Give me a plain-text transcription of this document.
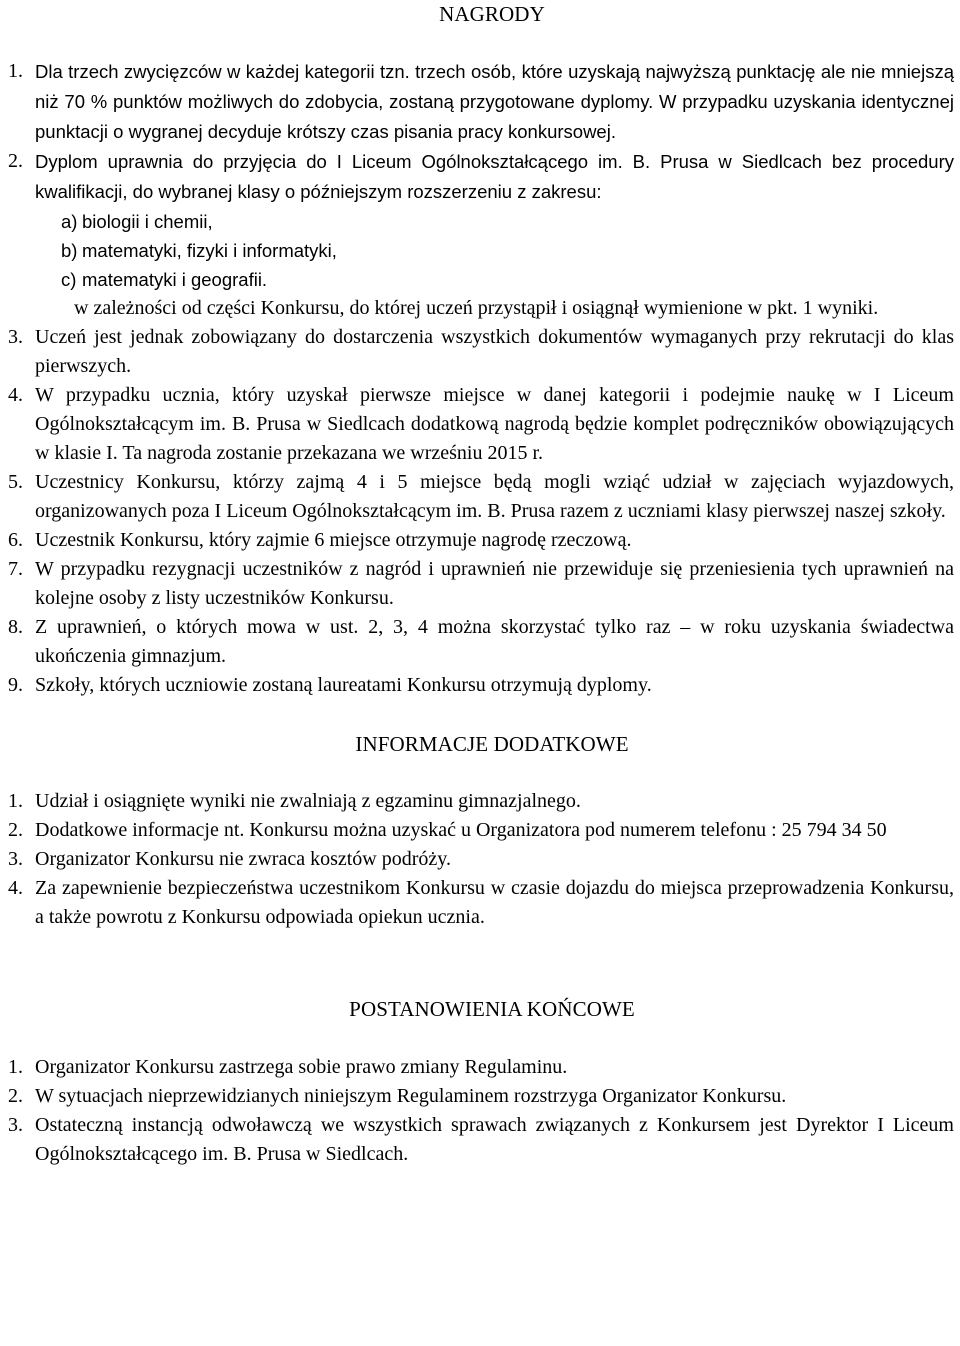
NAGRODY
1. Dla trzech zwycięzców w każdej kategorii tzn. trzech osób, które uzyskają najwyższą punktację ale nie mniejszą niż 70 % punktów możliwych do zdobycia, zostaną przygotowane dyplomy. W przypadku uzyskania identycznej punktacji o wygranej decyduje krótszy czas pisania pracy konkursowej.
2. Dyplom uprawnia do przyjęcia do I Liceum Ogólnokształcącego im. B. Prusa w Siedlcach bez procedury kwalifikacji, do wybranej klasy o późniejszym rozszerzeniu z zakresu:
a) biologii i chemii,
b) matematyki, fizyki i informatyki,
c) matematyki i geografii.
w zależności od części Konkursu, do której uczeń przystąpił i osiągnął wymienione w pkt. 1 wyniki.
3. Uczeń jest jednak zobowiązany do dostarczenia wszystkich dokumentów wymaganych przy rekrutacji do klas pierwszych.
4. W przypadku ucznia, który uzyskał pierwsze miejsce w danej kategorii i podejmie naukę w I Liceum Ogólnokształcącym im. B. Prusa w Siedlcach dodatkową nagrodą będzie komplet podręczników obowiązujących w klasie I. Ta nagroda zostanie przekazana we wrześniu 2015 r.
5. Uczestnicy Konkursu, którzy zajmą 4 i 5 miejsce będą mogli wziąć udział w zajęciach wyjazdowych, organizowanych poza I Liceum Ogólnokształcącym im. B. Prusa razem z uczniami klasy pierwszej naszej szkoły.
6. Uczestnik Konkursu, który zajmie 6 miejsce otrzymuje nagrodę rzeczową.
7. W przypadku rezygnacji uczestników z nagród i uprawnień nie przewiduje się przeniesienia tych uprawnień na kolejne osoby z listy uczestników Konkursu.
8. Z uprawnień, o których mowa w ust. 2, 3, 4 można skorzystać tylko raz – w roku uzyskania świadectwa ukończenia gimnazjum.
9. Szkoły, których uczniowie zostaną laureatami Konkursu otrzymują dyplomy.
INFORMACJE DODATKOWE
1. Udział i osiągnięte wyniki nie zwalniają z egzaminu gimnazjalnego.
2. Dodatkowe informacje nt. Konkursu można uzyskać u Organizatora pod numerem telefonu : 25 794 34 50
3. Organizator Konkursu nie zwraca kosztów podróży.
4. Za zapewnienie bezpieczeństwa uczestnikom Konkursu w czasie dojazdu do miejsca przeprowadzenia Konkursu, a także powrotu z Konkursu odpowiada opiekun ucznia.
POSTANOWIENIA KOŃCOWE
1. Organizator Konkursu zastrzega sobie prawo zmiany Regulaminu.
2. W sytuacjach nieprzewidzianych niniejszym Regulaminem rozstrzyga Organizator Konkursu.
3. Ostateczną instancją odwoławczą we wszystkich sprawach związanych z Konkursem jest Dyrektor I Liceum Ogólnokształcącego im. B. Prusa w Siedlcach.
